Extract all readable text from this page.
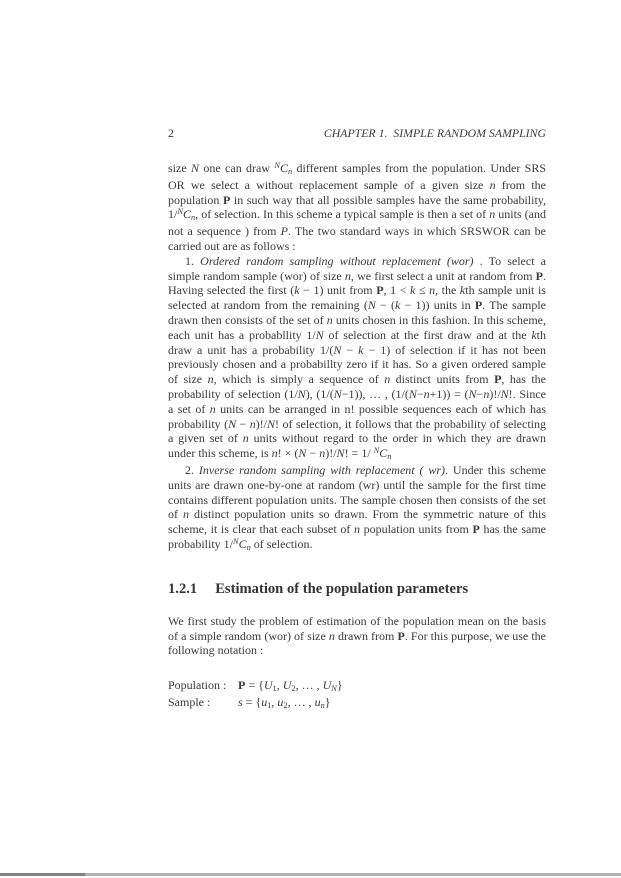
2	CHAPTER 1. SIMPLE RANDOM SAMPLING

size N one can draw $^N$Cn different samples from the population. Under SRS OR we select a without replacement sample of a given size n from the population P in such way that all possible samples have the same probability, 1/$^N$Cn, of selection. In this scheme a typical sample is then a set of n units (and not a sequence ) from P. The two standard ways in which SRSWOR can be carried out are as follows :

1. Ordered random sampling without replacement (wor) . To select a simple random sample (wor) of size n, we first select a unit at random from P. Having selected the first (k − 1) unit from P, 1 < k ≤ n, the kth sample unit is selected at random from the remaining (N − (k − 1)) units in P. The sample drawn then consists of the set of n units chosen in this fashion. In this scheme, each unit has a probabllity 1/N of selection at the first draw and at the kth draw a unit has a probability 1/(N − k − 1) of selection if it has not been previously chosen and a probabillty zero if it has. So a given ordered sample of size n, which is simply a sequence of n distinct units from P, has the probability of selection (1/N), (1/(N−1)), … , (1/(N−n+1)) = (N−n)!/N!. Since a set of n units can be arranged in n! possible sequences each of which has probability (N − n)!/N! of selection, it follows that the probability of selecting a given set of n units without regard to the order in which they are drawn under this scheme, is n! × (N − n)!/N! = 1/ $^N$Cn

2. Inverse random sampling with replacement ( wr). Under this scheme units are drawn one-by-one at random (wr) until the sample for the first time contains different population units. The sample chosen then consists of the set of n distinct population units so drawn. From the symmetric nature of this scheme, it is clear that each subset of n population units from P has the same probability 1/$^N$Cn of selection.

1.2.1 Estimation of the population parameters

We first study the problem of estimation of the population mean on the basis of a simple random (wor) of size n drawn from P. For this purpose, we use the following notation :

Population : P = {U1, U2, … , UN}
Sample :	s = {u1, u2, … , un}
